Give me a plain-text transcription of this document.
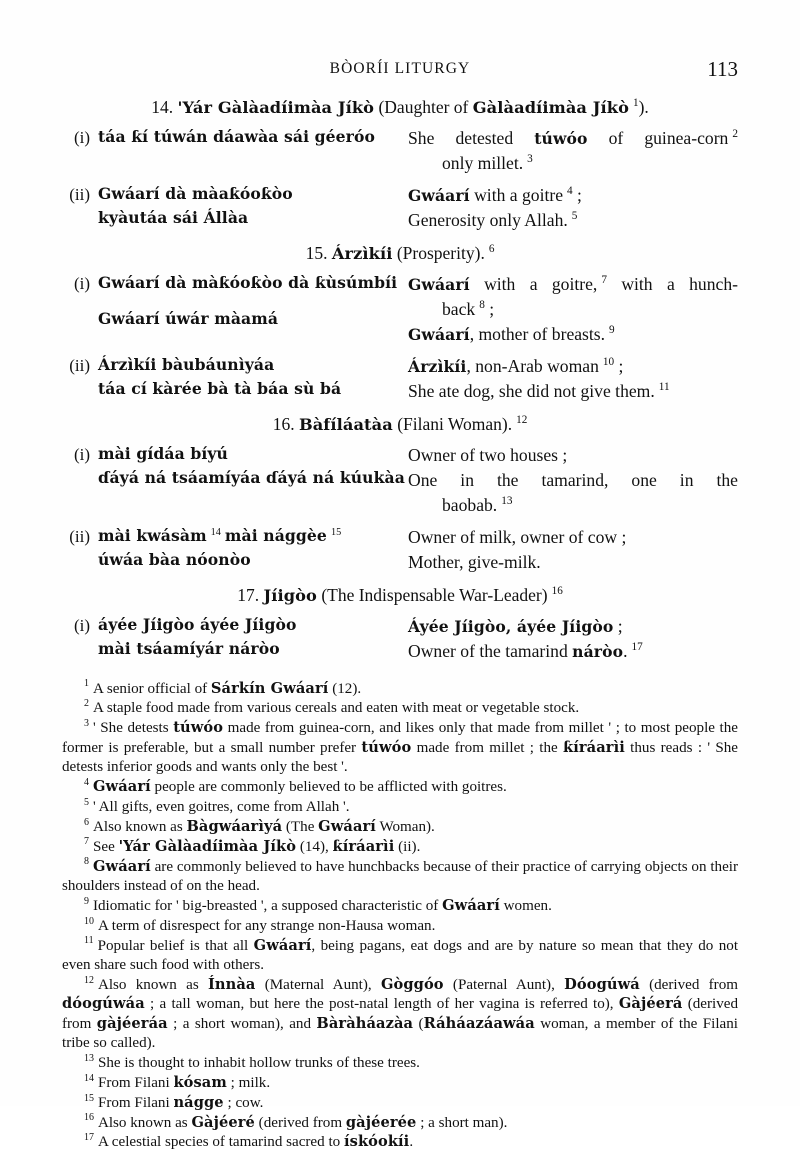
BÒORÍI LITURGY	113
14. 'Yár Gàlàadíimàa Jíkò (Daughter of Gàlàadíimàa Jíkò $^1$).
(i) táa ƙí túwán dáawàa sái géeróo	She detested túwóo of guinea-corn $^2$
only millet. $^3$
(ii) Gwáarí dà màaƙóoƙòo
kyàutáa sái Állàa
Gwáarí with a goitre $^4$ ;
Generosity only Allah. $^5$
15. Árzìkíi (Prosperity). $^6$
(i) Gwáarí dà màƙóoƙòo dà ƙùsúmbíi
Gwáarí úwár màamá
Gwáarí with a goitre, $^7$ with a hunch-
back $^8$ ;
Gwáarí, mother of breasts. $^9$
(ii) Árzìkíi bàubáunìyáa
táa cí kàrée bà tà báa sù bá
Árzìkíi, non-Arab woman $^{10}$ ;
She ate dog, she did not give them. $^{11}$
16. Bàfíláatàa (Filani Woman). $^{12}$
(i) mài gídáa bíyú
ɗáyá ná tsáamíyáa ɗáyá ná kúukàa
Owner of two houses ;
One in the tamarind, one in the
baobab. $^{13}$
(ii) mài kwásàm $^{14}$ mài nággèe $^{15}$
úwáa bàa nóonòo
Owner of milk, owner of cow ;
Mother, give-milk.
17. Jíigòo (The Indispensable War-Leader) $^{16}$
(i) áyée Jíigòo áyée Jíigòo
mài tsáamíyár náròo
Áyée Jíigòo, áyée Jíigòo ;
Owner of the tamarind náròo. $^{17}$

$^1$ A senior official of Sárkín Gwáarí (12).

$^2$ A staple food made from various cereals and eaten with meat or vegetable stock.

$^3$ ' She detests túwóo made from guinea-corn, and likes only that made from millet ' ; to most people the former is preferable, but a small number prefer túwóo made from millet ; the ƙíráarìi thus reads : ' She detests inferior goods and wants only the best '.

$^4$ Gwáarí people are commonly believed to be afflicted with goitres.

$^5$ ' All gifts, even goitres, come from Allah '.

$^6$ Also known as Bàgwáarìyá (The Gwáarí Woman).

$^7$ See 'Yár Gàlàadíimàa Jíkò (14), ƙíráarìi (ii).

$^8$ Gwáarí are commonly believed to have hunchbacks because of their practice of carrying objects on their shoulders instead of on the head.

$^9$ Idiomatic for ' big-breasted ', a supposed characteristic of Gwáarí women.

$^{10}$ A term of disrespect for any strange non-Hausa woman.

$^{11}$ Popular belief is that all Gwáarí, being pagans, eat dogs and are by nature so mean that they do not even share such food with others.

$^{12}$ Also known as Ínnàa (Maternal Aunt), Gòggóo (Paternal Aunt), Dóogúwá (derived from dóogúwáa ; a tall woman, but here the post-natal length of her vagina is referred to), Gàjéerá (derived from gàjéeráa ; a short woman), and Bàràháazàa (Ráháazáawáa woman, a member of the Filani tribe so called).

$^{13}$ She is thought to inhabit hollow trunks of these trees.

$^{14}$ From Filani kósam ; milk.

$^{15}$ From Filani nágge ; cow.

$^{16}$ Also known as Gàjéeré (derived from gàjéerée ; a short man).

$^{17}$ A celestial species of tamarind sacred to ískóokíi.
